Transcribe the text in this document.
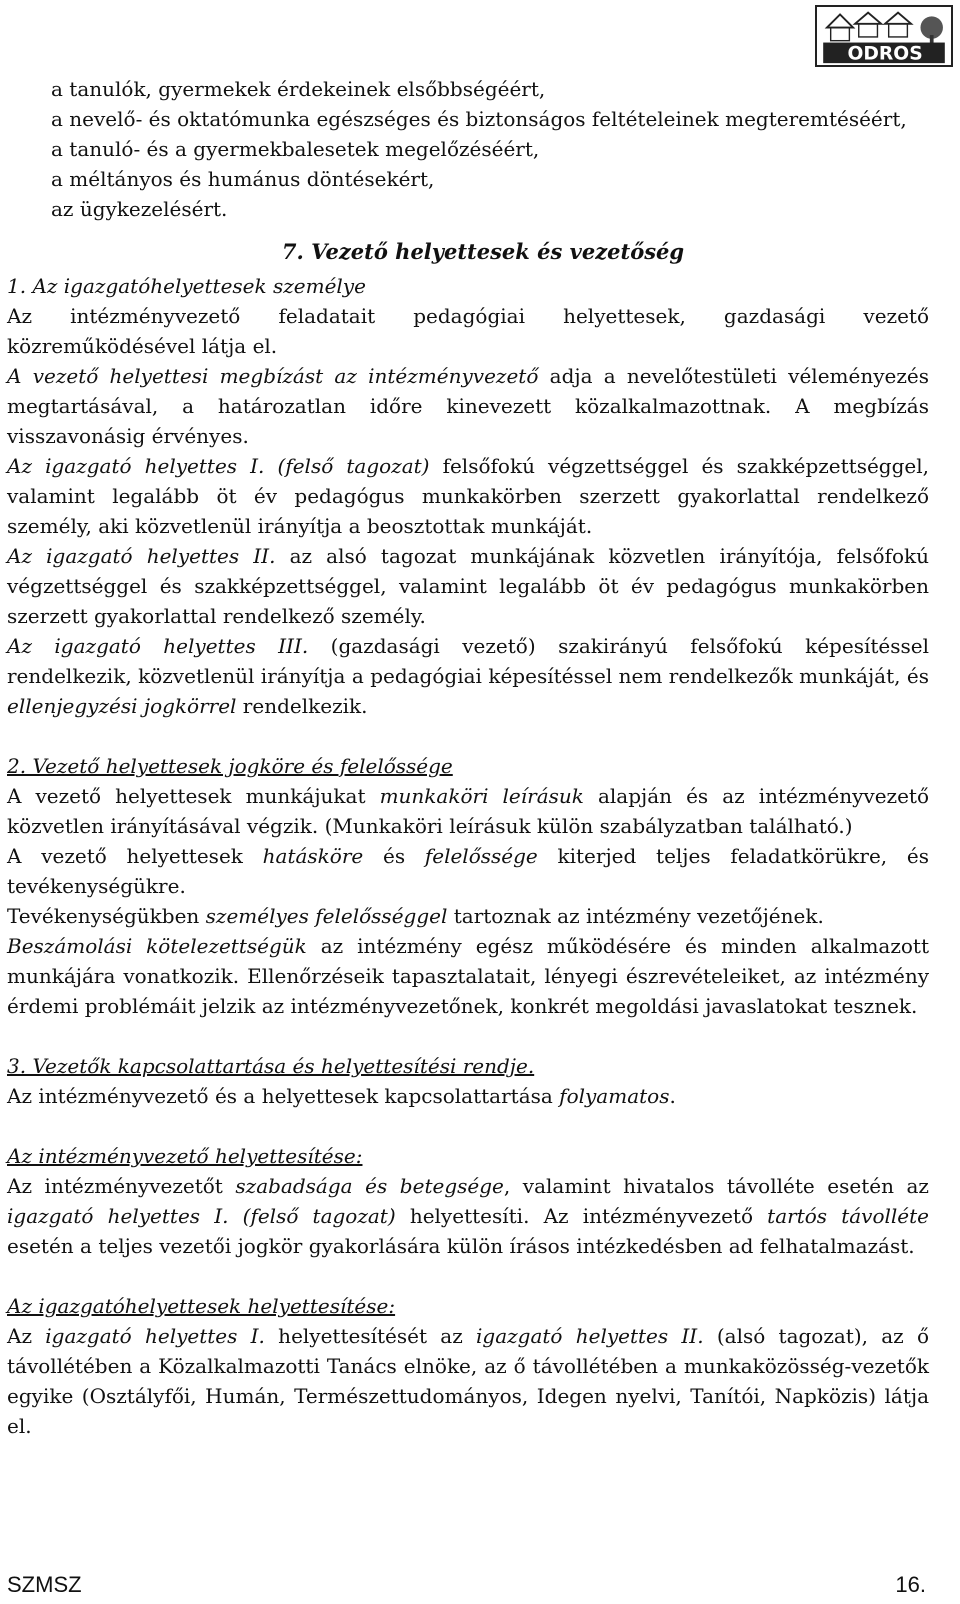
ODROS

a tanulók, gyermekek érdekeinek elsőbbségéért,

a nevelő- és oktatómunka egészséges és biztonságos feltételeinek megteremtéséért,

a tanuló- és a gyermekbalesetek megelőzéséért,

a méltányos és humánus döntésekért,

az ügykezelésért.

7. Vezető helyettesek és vezetőség

1. Az igazgatóhelyettesek személye

Az intézményvezető feladatait pedagógiai helyettesek, gazdasági vezető közreműködésével látja el.

A vezető helyettesi megbízást az intézményvezető adja a nevelőtestületi véleményezés megtartásával, a határozatlan időre kinevezett közalkalmazottnak. A megbízás visszavonásig érvényes.

Az igazgató helyettes I. (felső tagozat) felsőfokú végzettséggel és szakképzettséggel, valamint legalább öt év pedagógus munkakörben szerzett gyakorlattal rendelkező személy, aki közvetlenül irányítja a beosztottak munkáját.

Az igazgató helyettes II. az alsó tagozat munkájának közvetlen irányítója, felsőfokú végzettséggel és szakképzettséggel, valamint legalább öt év pedagógus munkakörben szerzett gyakorlattal rendelkező személy.

Az igazgató helyettes III. (gazdasági vezető) szakirányú felsőfokú képesítéssel rendelkezik, közvetlenül irányítja a pedagógiai képesítéssel nem rendelkezők munkáját, és ellenjegyzési jogkörrel rendelkezik.

2. Vezető helyettesek jogköre és felelőssége

A vezető helyettesek munkájukat munkaköri leírásuk alapján és az intézményvezető közvetlen irányításával végzik. (Munkaköri leírásuk külön szabályzatban található.)

A vezető helyettesek hatásköre és felelőssége kiterjed teljes feladatkörükre, és tevékenységükre.

Tevékenységükben személyes felelősséggel tartoznak az intézmény vezetőjének.

Beszámolási kötelezettségük az intézmény egész működésére és minden alkalmazott munkájára vonatkozik. Ellenőrzéseik tapasztalatait, lényegi észrevételeiket, az intézmény érdemi problémáit jelzik az intézményvezetőnek, konkrét megoldási javaslatokat tesznek.

3. Vezetők kapcsolattartása és helyettesítési rendje.

Az intézményvezető és a helyettesek kapcsolattartása folyamatos.

Az intézményvezető helyettesítése:

Az intézményvezetőt szabadsága és betegsége, valamint hivatalos távolléte esetén az igazgató helyettes I. (felső tagozat) helyettesíti. Az intézményvezető tartós távolléte esetén a teljes vezetői jogkör gyakorlására külön írásos intézkedésben ad felhatalmazást.

Az igazgatóhelyettesek helyettesítése:

Az igazgató helyettes I. helyettesítését az igazgató helyettes II. (alsó tagozat), az ő távollétében a Közalkalmazotti Tanács elnöke, az ő távollétében a munkaközösség-vezetők egyike (Osztályfői, Humán, Természettudományos, Idegen nyelvi, Tanítói, Napközis) látja el.

SZMSZ	16.
